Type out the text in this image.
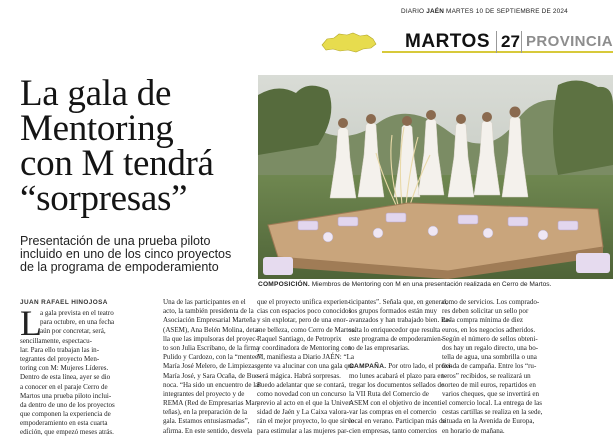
DIARIO JAÉN MARTES 10 DE SEPTIEMBRE DE 2024
MARTOS 27 PROVINCIA
La gala de
Mentoring
con M tendrá
“sorpresas”
Presentación de una prueba piloto
incluido en uno de los cinco proyectos
de la programa de empoderamiento
COMPOSICIÓN. Miembros de Mentoring con M en una presentación realizada en Cerro de Martos.
JUAN RAFAEL HINOJOSA
L
a gala prevista en el teatro
para octubre, en una fecha
aún por concretar, será,
sencillamente, espectacu-
lar. Para ello trabajan las in-
tegrantes del proyecto Men-
toring con M: Mujeres Líderes.
Dentro de esta línea, ayer se dio
a conocer en el paraje Cerro de
Martos una prueba piloto inclui-
da dentro de uno de los proyectos
que componen la experiencia de
empoderamiento en esta cuarta
edición, que empezó meses atrás.
Una de las participantes en el
acto, la también presidenta de la
Asociación Empresarial Marteña
(ASEM), Ana Belén Molina, deta-
lla que las impulsoras del proyec-
to son Julia Escribano, de la firma
Pulido y Cardozo, con la “mentee”
María José Melero, de Limpiezas
María José, y Sara Ocaña, de Bue-
noca. “Ha sido un encuentro de las
integrantes del proyecto y de
REMA (Red de Empresarias Mar-
teñas), en la preparación de la
gala. Estamos entusiasmadas”,
afirma. En este sentido, desvela
que el proyecto unifica experien-
cias con espacios poco conocidos
y sin explotar, pero de una enor-
me belleza, como Cerro de Martos.
Raquel Santiago, de Petroprix
y coordinadora de Mentoring con
M, manifiesta a Diario JAÉN: “La
gente va alucinar con una gala que
será mágica. Habrá sorpresas.
Puedo adelantar que se contará,
como novedad con un concurso
previo al acto en el que la Univer-
sidad de Jaén y La Caixa valora-
rán el mejor proyecto, lo que sirve
para estimular a las mujeres par-
ticipantes”. Señala que, en general,
los grupos formados están muy
avanzados y han trabajado bien. Re-
salta lo enriquecedor que resulta
este programa de empoderamien-
to de las empresarias.

CAMPAÑA. Por otro lado, el próxi-
mo lunes acabará el plazo para en-
tregar los documentos sellados de
la VII Ruta del Comercio de
ASEM con el objetivo de incenti-
var las compras en el comercio
local en verano. Participan más de
cien empresas, tanto comercios
como de servicios. Los comprado-
res deben solicitar un sello por
cada compra mínima de diez
euros, en los negocios adheridos.
Según el número de sellos obteni-
dos hay un regalo directo, una bo-
tella de agua, una sombrilla o una
tienda de campaña. Entre los “ru-
teros” recibidos, se realizará un
sorteo de mil euros, repartidos en
varios cheques, que se invertirá en
el comercio local. La entrega de las
cestas cartillas se realiza en la sede,
situada en la Avenida de Europa,
en horario de mañana.
